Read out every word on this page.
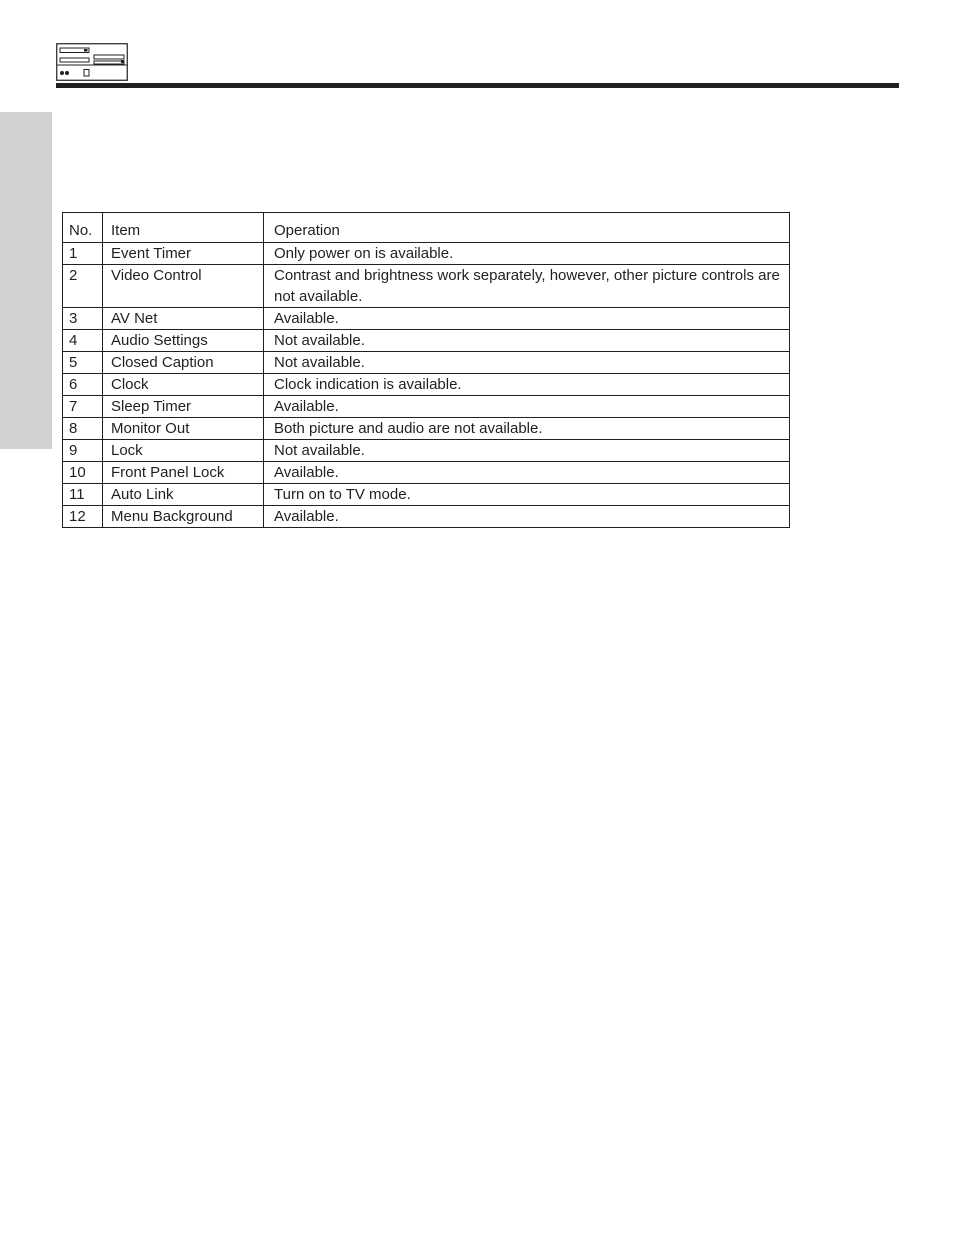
No.	Item	Operation
1	Event Timer	Only power on is available.
2	Video Control	Contrast and brightness work separately, however, other picture controls are not available.
3	AV Net	Available.
4	Audio Settings	Not available.
5	Closed Caption	Not available.
6	Clock	Clock indication is available.
7	Sleep Timer	Available.
8	Monitor Out	Both picture and audio are not available.
9	Lock	Not available.
10	Front Panel Lock	Available.
11	Auto Link	Turn on to TV mode.
12	Menu Background	Available.
